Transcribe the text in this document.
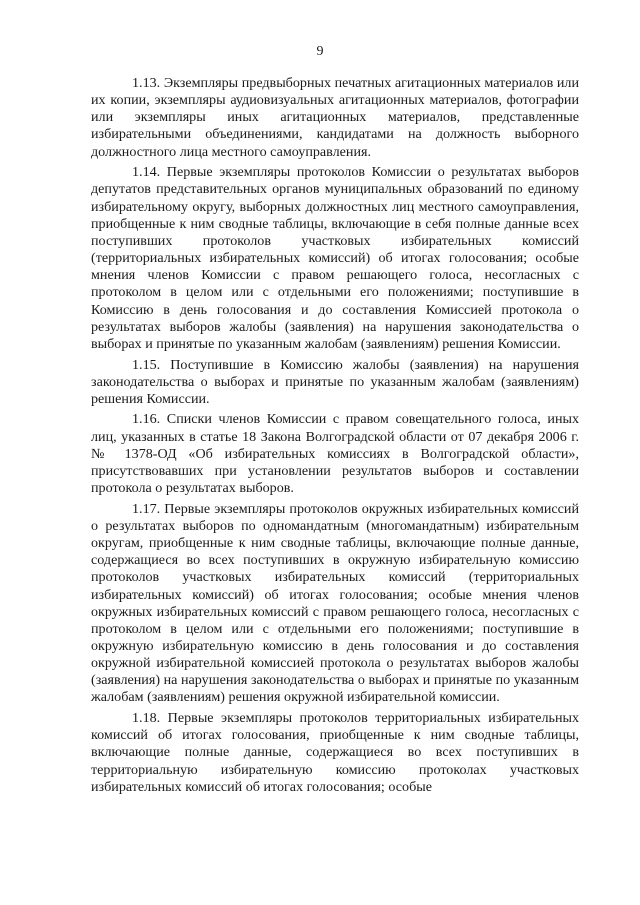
9

1.13. Экземпляры предвыборных печатных агитационных материалов или их копии, экземпляры аудиовизуальных агитационных материалов, фотографии или экземпляры иных агитационных материалов, представленные избирательными объединениями, кандидатами на должность выборного должностного лица местного самоуправления.

1.14. Первые экземпляры протоколов Комиссии о результатах выборов депутатов представительных органов муниципальных образований по единому избирательному округу, выборных должностных лиц местного самоуправления, приобщенные к ним сводные таблицы, включающие в себя полные данные всех поступивших протоколов участковых избирательных комиссий (территориальных избирательных комиссий) об итогах голосования; особые мнения членов Комиссии с правом решающего голоса, несогласных с протоколом в целом или с отдельными его положениями; поступившие в Комиссию в день голосования и до составления Комиссией протокола о результатах выборов жалобы (заявления) на нарушения законодательства о выборах и принятые по указанным жалобам (заявлениям) решения Комиссии.

1.15. Поступившие в Комиссию жалобы (заявления) на нарушения законодательства о выборах и принятые по указанным жалобам (заявлениям) решения Комиссии.

1.16. Списки членов Комиссии с правом совещательного голоса, иных лиц, указанных в статье 18 Закона Волгоградской области от 07 декабря 2006 г. № 1378-ОД «Об избирательных комиссиях в Волгоградской области», присутствовавших при установлении результатов выборов и составлении протокола о результатах выборов.

1.17. Первые экземпляры протоколов окружных избирательных комиссий о результатах выборов по одномандатным (многомандатным) избирательным округам, приобщенные к ним сводные таблицы, включающие полные данные, содержащиеся во всех поступивших в окружную избирательную комиссию протоколов участковых избирательных комиссий (территориальных избирательных комиссий) об итогах голосования; особые мнения членов окружных избирательных комиссий с правом решающего голоса, несогласных с протоколом в целом или с отдельными его положениями; поступившие в окружную избирательную комиссию в день голосования и до составления окружной избирательной комиссией протокола о результатах выборов жалобы (заявления) на нарушения законодательства о выборах и принятые по указанным жалобам (заявлениям) решения окружной избирательной комиссии.

1.18. Первые экземпляры протоколов территориальных избирательных комиссий об итогах голосования, приобщенные к ним сводные таблицы, включающие полные данные, содержащиеся во всех поступивших в территориальную избирательную комиссию протоколах участковых избирательных комиссий об итогах голосования; особые
